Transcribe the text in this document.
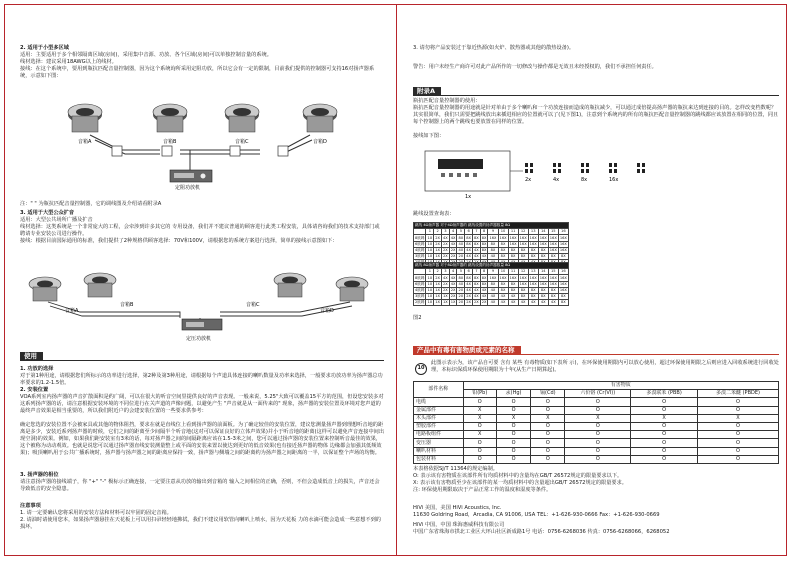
2. 适用于小型多区域

适用：主要适用于多个相邻隔离区域(房间)，采用集中音源、功放、各个区域(房间)可以单独控制音量的系统。

线材选择：建议采用18AWG以上的线材。

接线：在这个系统中，要用到瓶抗匹配音量控制器，因为这个系统询所采用定阻功放，所以它会有一定的限制，目前我们提供的控制器可支持16对扬声器系统，示意如下图：

音箱A	音箱B	音箱C	音箱D
定阻功放机

注：" " 为瓶抗匹配音量控制器，它的调线图及介绍请看附录A

3. 适用于大型公众扩音

适用：大型公共场所广播及扩音

线材选择：这类系统是一个非常庞大的工程，会牵涉到许多其它的 专用设备，我们并不建议普通的顾客进行此类工程安装，具体请咨询我们的技术支持部门或聘请专业安装公司进行操作。

接线：根据目前国际通用的标准，我们提供了2种规格供顾客选择：70V和100V，请根据您的系统方案进行选择，简单的接线示意图如下：

音箱A
音箱B	音箱C
音箱D
定压功放机
使用

1. 功放的选择

对于第1种用途，请根据您们所标示的功率进行选择，第2种及第3种用途，请根据每个声道具体连接的喇叭数量及功率来选择，一般要求功放功率为扬声器总功率要求的1.2-1.5倍。

2. 安装位置

VOA系列室内扬声器的声音扩散面积是约广阔，可以在很大的听音空间里提供良好的声音表现。一般来说，5.25"大致可以覆盖15平方的范围，但设您安装多对这系列扬声器的话，请注意根据安装环境的不同位进行在关声道的声像问题，以避免产生 "声音就是从一面传来的" 现象，扬声器的安装位置及环境对您声道的最终声音效果是相当重要的，所以我们附近户的会建安装位置的一些要求供参考：

确定您选的安装位置不会被家具或其他的物体阻挡，要求在就是直线位上看到扬声器的前面板。为了确定较佳的安装位置，建议您测量扬声器到理想听音地的距离是多少，安装近系列扬声器的时候，它们之间的距离至少间隔半个听音地(这对可以保证良好的立体声效果)并小于听音地的距离(这样可以避免声音连接中间出现空洞)的效果。例如，如果我们距安装室有3米的话，每对扬声器之间的间隔距离应该在1.5-3米之间，您可以通过扬声器的安装位置来控制听音最佳的效果，这个被称为动动观效。也就是说您可以通过扬声器直线安装测量整上或平面的安装来置以使达到更好的低音效果(也有接近扬声器的物体 边缘都会加强其低频效果)；吸顶喇叭用于公共广播系统时，扬声器与扬声器之间的距离应保持一致，扬声器与侧墙之间的距离约为扬声器之间距离的一半，以保证整个声场的均衡。

3. 扬声器的相位

请注意扬声器的接线端子，你 "+" "-" 极标示正确连接，一定要注意从功放的输出到音箱的 输入之间相位的正确，否则，不但会造成低音上的损失，声音还会导致低音的安全隐患。

注意事项

1. 请一定要确认您将采用的安装方法和材料可以牢固的固定音箱。

2. 请油时请使用您本，如果扬声器悬挂在天花板上可以用扫帚轻轻地拂拭，我们不建议用软管向喇叭上喷水，因为天花板 力的水滴可能会造成一些意想不到的损坏。

3. 请勿将产品安装过于靠近热源(如火炉、散热器或其他的散热设备)。

警告：用户未经生产商许可对此产品所作的一切修改与操作都是无效且未经授权的，我们不承担任何责任。

附录A

瓶抗匹配音量控制器的使用：

瓶抗匹配音量控制器的用途就是针对单由于多个喇叭和一个功放连接而造成的瓶抗减少，可以通过成倍提高扬声器的瓶抗来达到连接的目的。怎样改变档数呢？其实很简单，我们只需要把跳线放出来插进相应的位置就可以了(见下图1)，注意到个系统内的所有的瓶抗匹配音量控制器的跳线都应该放置在相同的位置，同且每个控制器上的两个跳线也要放置在同样的位置。

接线如下图：

1x
2x	4x	8x	16x

跳线设置查询表：

跳线 4Ω扬声器 对于4Ω扬声器的 跳线设置的扬声器数量 8Ω																
	1	2	3	4	5	6	7	8	9	10	11	12	13	14	15	16
8欧姆	1X	2X	4X	4X	8X	8X	8X	8X	16X	16X	16X	16X	16X	16X	16X	16X
6欧姆	1X	2X	2X	4X	4X	8X	8X	8X	8X	8X	16X	16X	16X	16X	16X	16X
4欧姆	1X	1X	2X	2X	4X	4X	4X	8X	8X	8X	8X	8X	8X	8X	16X	16X
3欧姆	1X	1X	2X	2X	2X	4X	4X	4X	4X	8X	8X	8X	8X	8X	8X	8X

跳线 8Ω扬声器 对于8Ω扬声器的 跳线设置的扬声器数量 8Ω																
	1	2	3	4	5	6	7	8	9	10	11	12	13	14	15	16
8欧姆	1X	2X	4X	4X	8X	8X	8X	8X	16X	16X	16X	16X	16X	16X	16X	16X
6欧姆	1X	1X	2X	4X	4X	4X	8X	8X	8X	8X	8X	16X	16X	16X	16X	16X
4欧姆	1X	1X	2X	2X	2X	4X	4X	4X	4X	8X	8X	8X	8X	8X	8X	16X
3欧姆	1X	1X	1X	2X	2X	2X	4X	4X	4X	4X	4X	8X	8X	8X	8X	8X
2欧姆	1X	1X	1X	1X	2X	2X	2X	2X	4X	4X	4X	4X	4X	4X	4X	8X

图2

产品中有毒有害物质或元素的名称
10

此图示表示为，该产品自可要 含有 某些 有毒物质(如下表所 示)，在环保使用期限内可以放心使用，超过环保使用期限之后则应进入回收系统进行回收处理，本标识保质环保使用期限为十年(从生产日期算起)。

部件名称	有害物质					
	铅(Pb)	汞(Hg)	镉(Cd)	六价铬 (Cr(VI))	多溴联苯 (PBB)	多溴二苯醚 (PBDE)
电缆	O	O	O	O	O	O
金属部件	X	O	O	O	O	O
木头部件	X	X	X	X	X	X
塑胶部件	O	O	O	O	O	O
电路板组件	X	O	O	O	O	O
变压器	O	O	O	O	O	O
喇叭材料	O	O	O	O	O	O
包装材料	O	O	O	O	O	O

本表格依据SJ/T 11364的规定编制。

O: 表示该有害物质在该部件所有均质材料中的含量均在GB/T 26572规定的限量要求以下。

X: 表示该有害物质至少在该部件的某一均质材料中的含量超出GB/T 26572规定的限量要求。

注: 环保使用期限取决于产品正常工作的温度和湿度等条件。

HiVi 美国，美国 HiVi Acoustics, Inc.

11630 Goldring Road，Arcadia, CA 91006, USA TEL：+1-626-930-0666 Fax：+1-626-930-0669

HiVi 中国，中国 珠海惠威科技有限公司

中国广东省珠海市拱北工业区大坪山社区新成路1号 电话：0756-6268036 传真：0756-6268066，6268052
